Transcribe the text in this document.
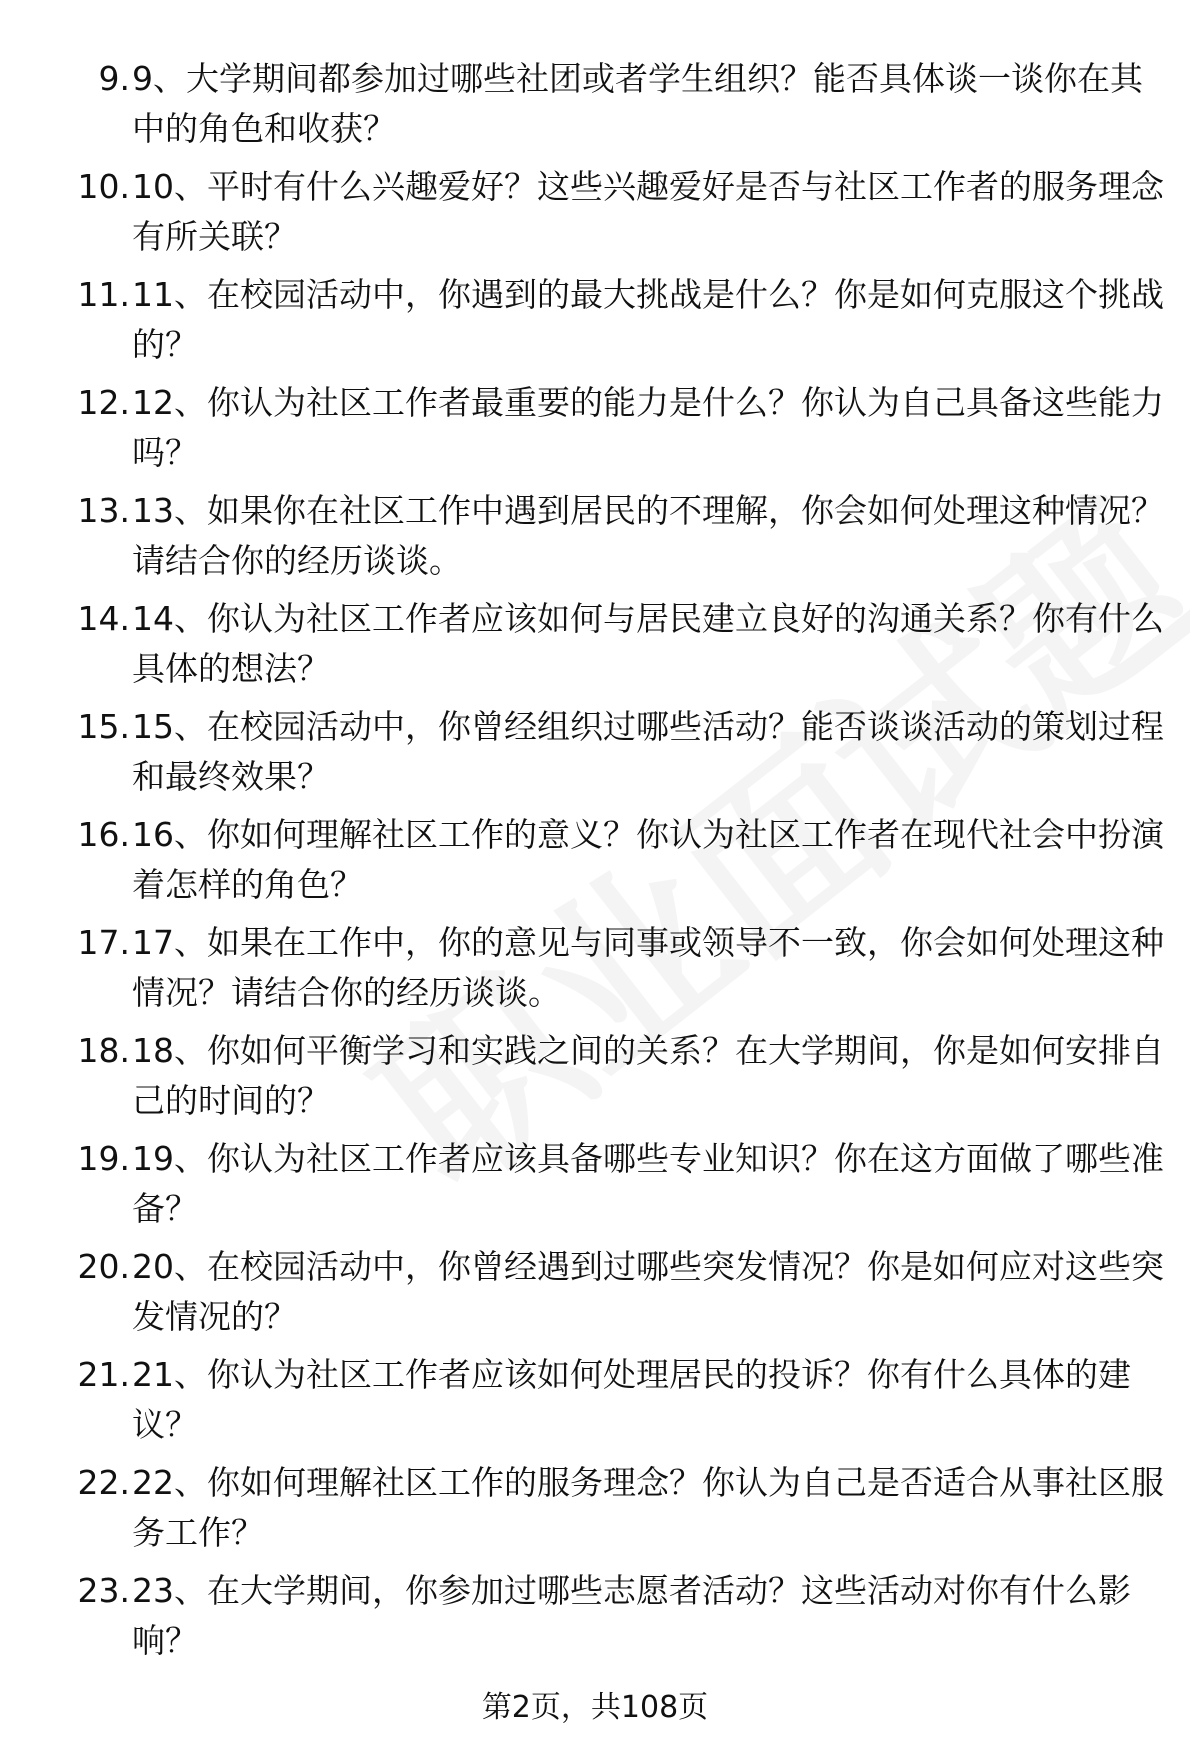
9. 9、大学期间都参加过哪些社团或者学生组织？能否具体谈一谈你在其中的角色和收获？
10. 10、平时有什么兴趣爱好？这些兴趣爱好是否与社区工作者的服务理念有所关联？
11. 11、在校园活动中，你遇到的最大挑战是什么？你是如何克服这个挑战的？
12. 12、你认为社区工作者最重要的能力是什么？你认为自己具备这些能力吗？
13. 13、如果你在社区工作中遇到居民的不理解，你会如何处理这种情况？请结合你的经历谈谈。
14. 14、你认为社区工作者应该如何与居民建立良好的沟通关系？你有什么具体的想法？
15. 15、在校园活动中，你曾经组织过哪些活动？能否谈谈活动的策划过程和最终效果？
16. 16、你如何理解社区工作的意义？你认为社区工作者在现代社会中扮演着怎样的角色？
17. 17、如果在工作中，你的意见与同事或领导不一致，你会如何处理这种情况？请结合你的经历谈谈。
18. 18、你如何平衡学习和实践之间的关系？在大学期间，你是如何安排自己的时间的？
19. 19、你认为社区工作者应该具备哪些专业知识？你在这方面做了哪些准备？
20. 20、在校园活动中，你曾经遇到过哪些突发情况？你是如何应对这些突发情况的？
21. 21、你认为社区工作者应该如何处理居民的投诉？你有什么具体的建议？
22. 22、你如何理解社区工作的服务理念？你认为自己是否适合从事社区服务工作？
23. 23、在大学期间，你参加过哪些志愿者活动？这些活动对你有什么影响？
第2页，共108页
